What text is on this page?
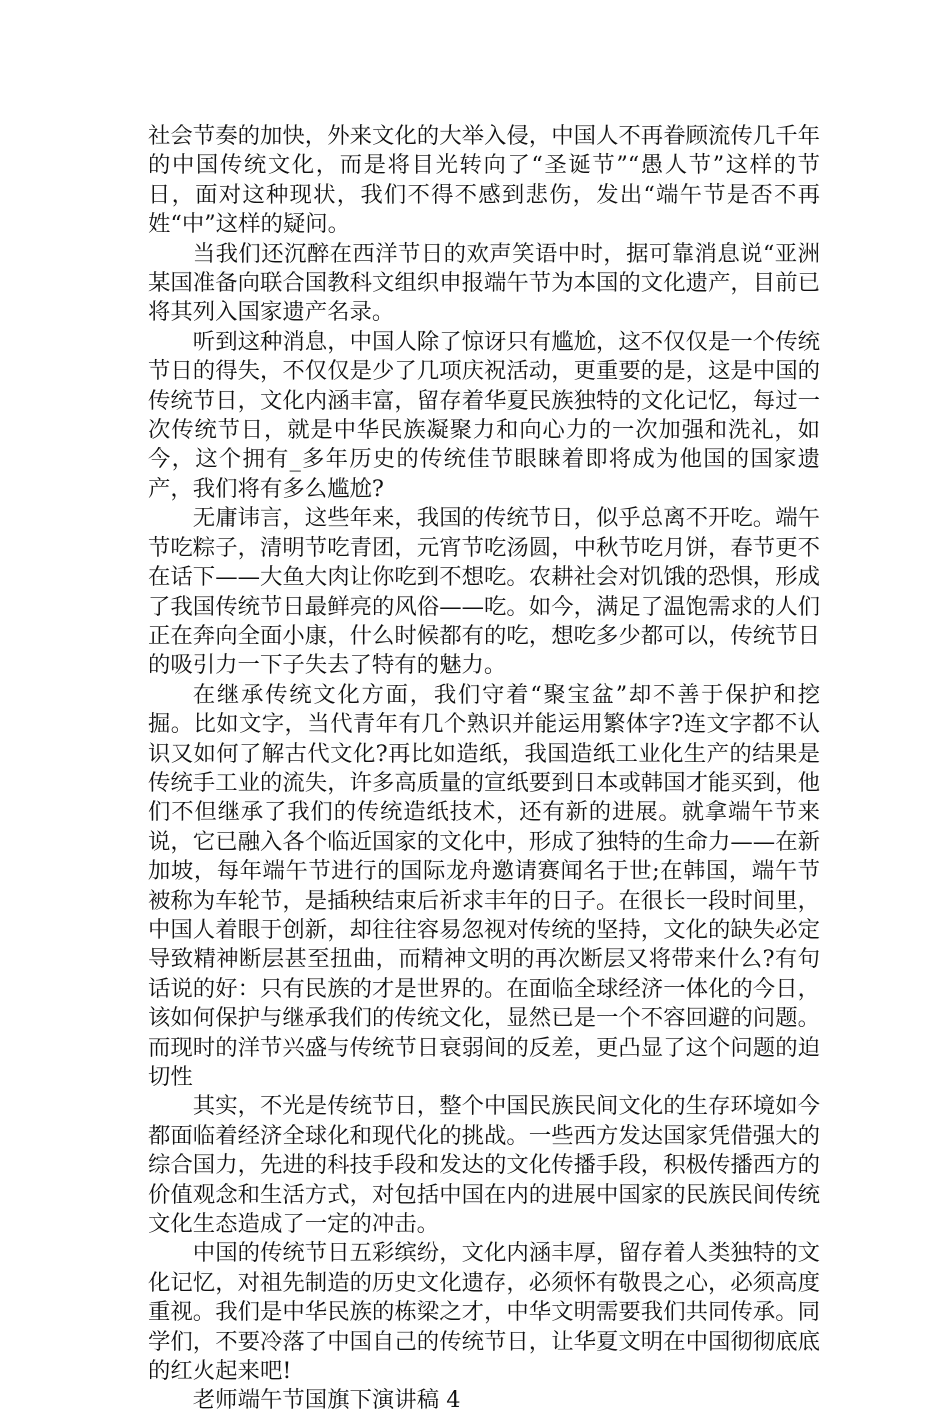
社会节奏的加快，外来文化的大举入侵，中国人不再眷顾流传几千年的中国传统文化，而是将目光转向了“圣诞节”“愚人节”这样的节日，面对这种现状，我们不得不感到悲伤，发出“端午节是否不再姓“中”这样的疑问。

当我们还沉醉在西洋节日的欢声笑语中时，据可靠消息说“亚洲某国准备向联合国教科文组织申报端午节为本国的文化遗产，目前已将其列入国家遗产名录。

听到这种消息，中国人除了惊讶只有尴尬，这不仅仅是一个传统节日的得失，不仅仅是少了几项庆祝活动，更重要的是，这是中国的传统节日，文化内涵丰富，留存着华夏民族独特的文化记忆，每过一次传统节日，就是中华民族凝聚力和向心力的一次加强和洗礼，如今，这个拥有_多年历史的传统佳节眼睐着即将成为他国的国家遗产，我们将有多么尴尬?

无庸讳言，这些年来，我国的传统节日，似乎总离不开吃。端午节吃粽子，清明节吃青团，元宵节吃汤圆，中秋节吃月饼，春节更不在话下——大鱼大肉让你吃到不想吃。农耕社会对饥饿的恐惧，形成了我国传统节日最鲜亮的风俗——吃。如今，满足了温饱需求的人们正在奔向全面小康，什么时候都有的吃，想吃多少都可以，传统节日的吸引力一下子失去了特有的魅力。

在继承传统文化方面，我们守着“聚宝盆”却不善于保护和挖掘。比如文字，当代青年有几个熟识并能运用繁体字?连文字都不认识又如何了解古代文化?再比如造纸，我国造纸工业化生产的结果是传统手工业的流失，许多高质量的宣纸要到日本或韩国才能买到，他们不但继承了我们的传统造纸技术，还有新的进展。就拿端午节来说，它已融入各个临近国家的文化中，形成了独特的生命力——在新加坡，每年端午节进行的国际龙舟邀请赛闻名于世;在韩国，端午节被称为车轮节，是插秧结束后祈求丰年的日子。在很长一段时间里，中国人着眼于创新，却往往容易忽视对传统的坚持，文化的缺失必定导致精神断层甚至扭曲，而精神文明的再次断层又将带来什么?有句话说的好：只有民族的才是世界的。在面临全球经济一体化的今日，该如何保护与继承我们的传统文化，显然已是一个不容回避的问题。而现时的洋节兴盛与传统节日衰弱间的反差，更凸显了这个问题的迫切性

其实，不光是传统节日，整个中国民族民间文化的生存环境如今都面临着经济全球化和现代化的挑战。一些西方发达国家凭借强大的综合国力，先进的科技手段和发达的文化传播手段，积极传播西方的价值观念和生活方式，对包括中国在内的进展中国家的民族民间传统文化生态造成了一定的冲击。

中国的传统节日五彩缤纷，文化内涵丰厚，留存着人类独特的文化记忆，对祖先制造的历史文化遗存，必须怀有敬畏之心，必须高度重视。我们是中华民族的栋梁之才，中华文明需要我们共同传承。同学们，不要冷落了中国自己的传统节日，让华夏文明在中国彻彻底底的红火起来吧!

老师端午节国旗下演讲稿 4
